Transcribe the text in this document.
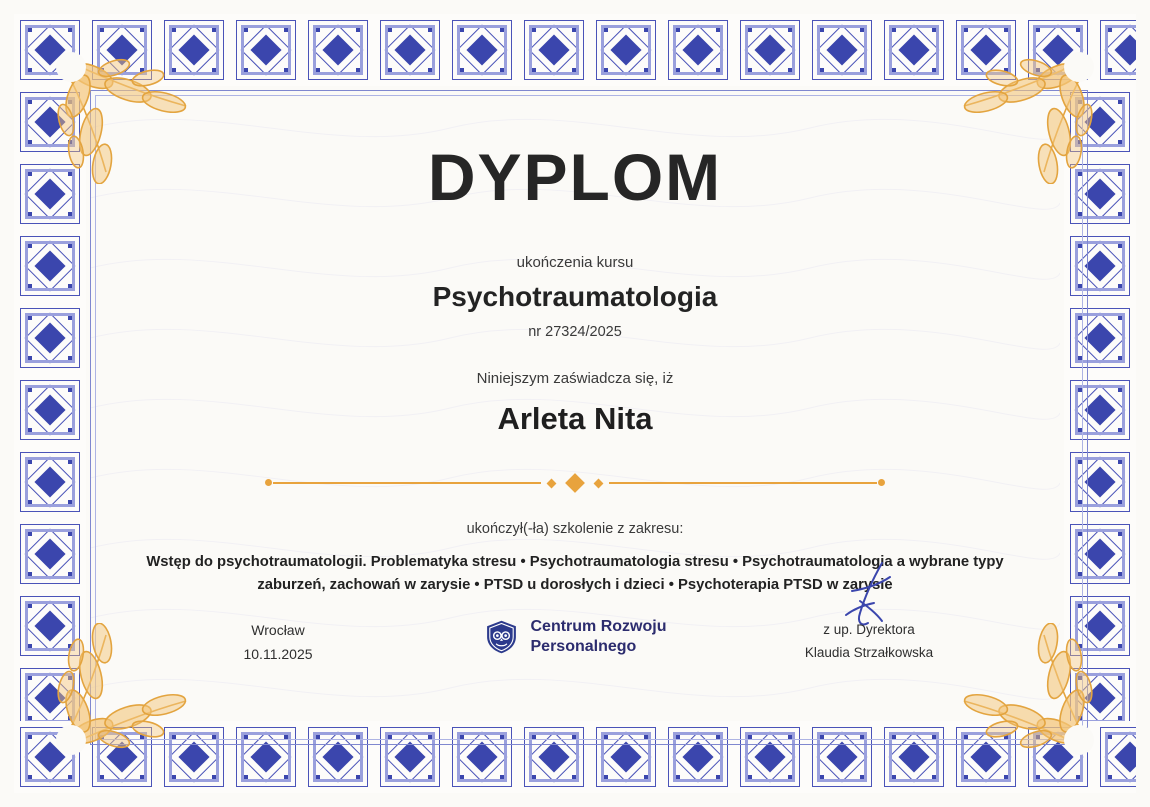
DYPLOM
ukończenia kursu
Psychotraumatologia
nr 27324/2025
Niniejszym zaświadcza się, iż
Arleta Nita
ukończył(-ła) szkolenie z zakresu:
Wstęp do psychotraumatologii. Problematyka stresu • Psychotraumatologia stresu • Psychotraumatologia a wybrane typy zaburzeń, zachowań w zarysie • PTSD u dorosłych i dzieci • Psychoterapia PTSD w zarysie
Wrocław
10.11.2025
Centrum Rozwoju
Personalnego
z up. Dyrektora
Klaudia Strzałkowska
